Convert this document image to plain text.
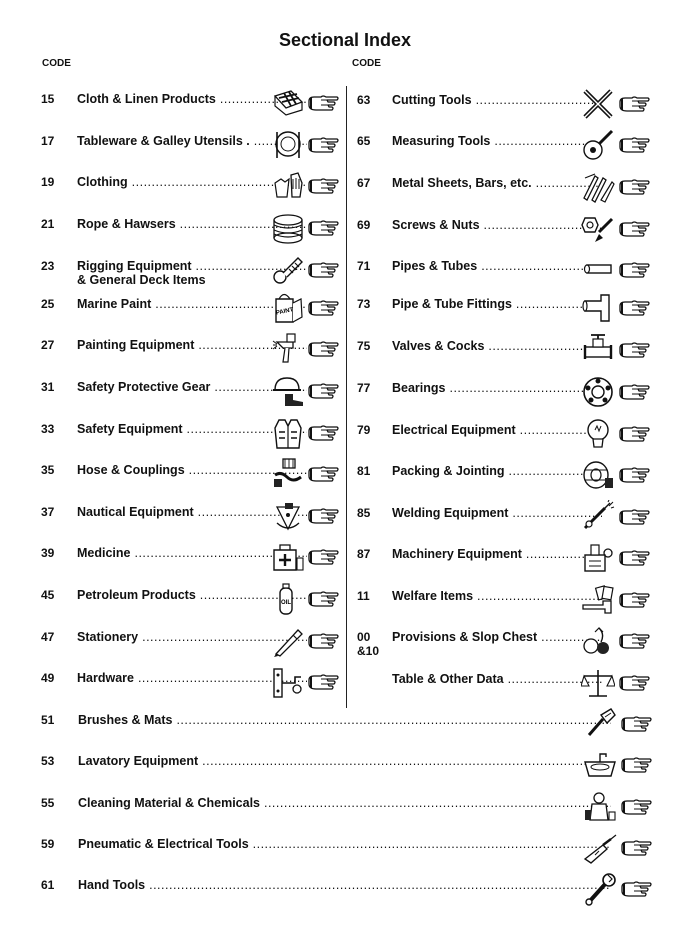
Sectional Index
CODE	CODE
15 Cloth & Linen Products .....
17 Tableware & Galley Utensils . .....
19 Clothing .....
21 Rope & Hawsers .....
23 Rigging Equipment .....
& General Deck Items
25 Marine Paint .....
PAINT
27 Painting Equipment .....
31 Safety Protective Gear .....
33 Safety Equipment .....
35 Hose & Couplings .....
37 Nautical Equipment .....
39 Medicine .....
45 Petroleum Products .....
OIL
47 Stationery .....
49 Hardware .....
63 Cutting Tools .....
65 Measuring Tools .....
67 Metal Sheets, Bars, etc. .....
69 Screws & Nuts .....
71 Pipes & Tubes .....
73 Pipe & Tube Fittings .....
75 Valves & Cocks .....
77 Bearings .....
79 Electrical Equipment .....
81 Packing & Jointing .....
85 Welding Equipment .....
87 Machinery Equipment .....
11 Welfare Items .....
00
&10
Provisions & Slop Chest .....
Table & Other Data .....
51 Brushes & Mats .....
53 Lavatory Equipment .....
55 Cleaning Material & Chemicals .....
59 Pneumatic & Electrical Tools .....
61 Hand Tools .....
